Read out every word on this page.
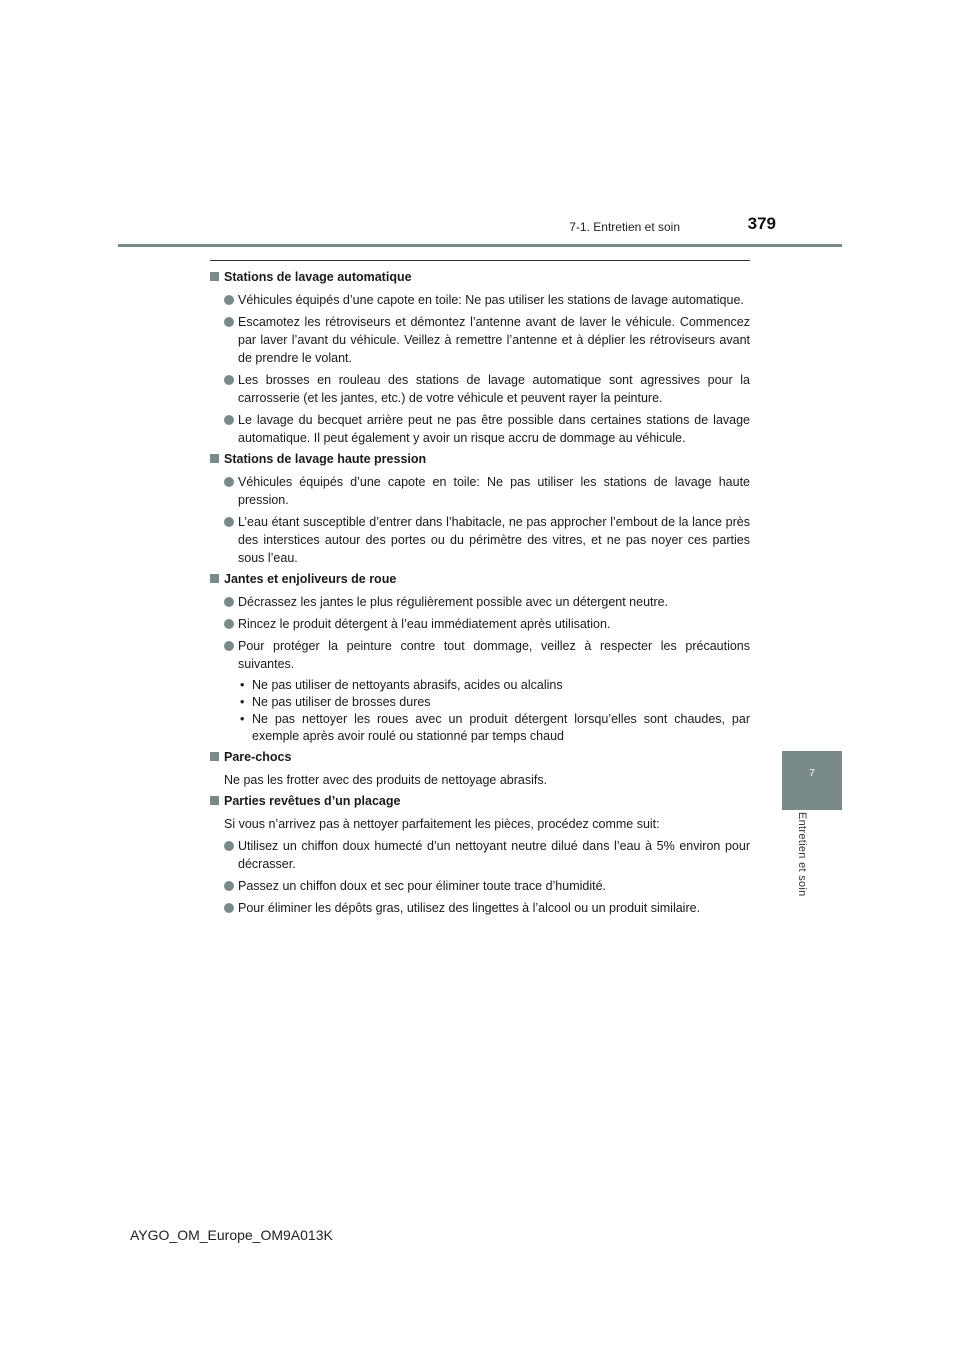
7-1. Entretien et soin	379
7
Entretien et soin
Stations de lavage automatique
Véhicules équipés d’une capote en toile: Ne pas utiliser les stations de lavage automatique.
Escamotez les rétroviseurs et démontez l’antenne avant de laver le véhicule. Commencez par laver l’avant du véhicule. Veillez à remettre l’antenne et à déplier les rétroviseurs avant de prendre le volant.
Les brosses en rouleau des stations de lavage automatique sont agressives pour la carrosserie (et les jantes, etc.) de votre véhicule et peuvent rayer la peinture.
Le lavage du becquet arrière peut ne pas être possible dans certaines stations de lavage automatique. Il peut également y avoir un risque accru de dommage au véhicule.
Stations de lavage haute pression
Véhicules équipés d’une capote en toile: Ne pas utiliser les stations de lavage haute pression.
L’eau étant susceptible d’entrer dans l’habitacle, ne pas approcher l’embout de la lance près des interstices autour des portes ou du périmètre des vitres, et ne pas noyer ces parties sous l’eau.
Jantes et enjoliveurs de roue
Décrassez les jantes le plus régulièrement possible avec un détergent neutre.
Rincez le produit détergent à l’eau immédiatement après utilisation.
Pour protéger la peinture contre tout dommage, veillez à respecter les précautions suivantes.
• Ne pas utiliser de nettoyants abrasifs, acides ou alcalins
• Ne pas utiliser de brosses dures
• Ne pas nettoyer les roues avec un produit détergent lorsqu’elles sont chaudes, par exemple après avoir roulé ou stationné par temps chaud
Pare-chocs
Ne pas les frotter avec des produits de nettoyage abrasifs.
Parties revêtues d’un placage
Si vous n’arrivez pas à nettoyer parfaitement les pièces, procédez comme suit:
Utilisez un chiffon doux humecté d’un nettoyant neutre dilué dans l’eau à 5% environ pour décrasser.
Passez un chiffon doux et sec pour éliminer toute trace d’humidité.
Pour éliminer les dépôts gras, utilisez des lingettes à l’alcool ou un produit similaire.
AYGO_OM_Europe_OM9A013K
